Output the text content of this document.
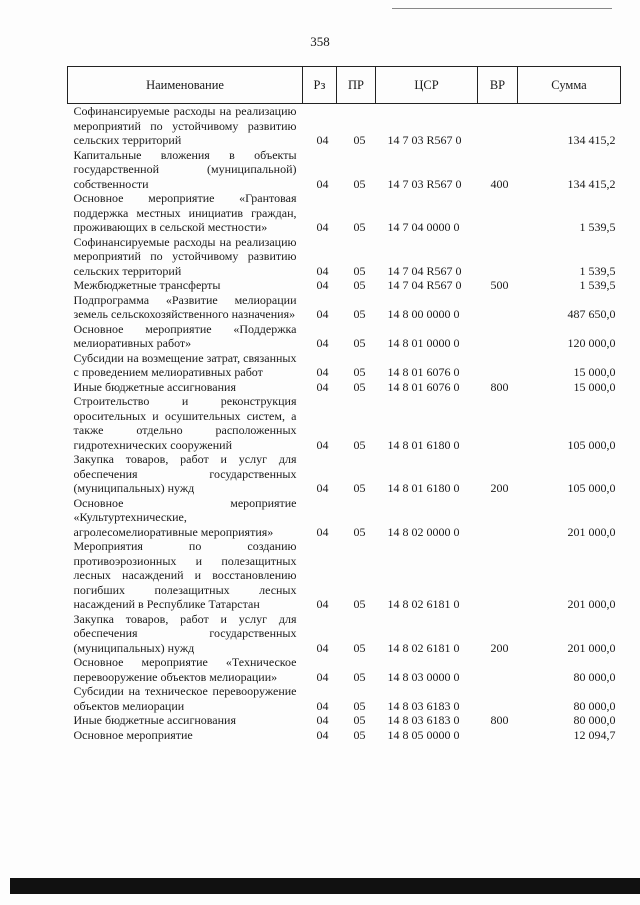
358
Наименование	Рз	ПР	ЦСР	ВР	Сумма
Софинансируемые расходы на реализацию мероприятий по устойчивому развитию сельских территорий	04	05	14 7 03 R567 0		134 415,2
Капитальные вложения в объекты государственной (муниципальной) собственности	04	05	14 7 03 R567 0	400	134 415,2
Основное мероприятие «Грантовая поддержка местных инициатив граждан, проживающих в сельской местности»	04	05	14 7 04 0000 0		1 539,5
Софинансируемые расходы на реализацию мероприятий по устойчивому развитию сельских территорий	04	05	14 7 04 R567 0		1 539,5
Межбюджетные трансферты	04	05	14 7 04 R567 0	500	1 539,5
Подпрограмма «Развитие мелиорации земель сельскохозяйственного назначения»	04	05	14 8 00 0000 0		487 650,0
Основное мероприятие «Поддержка мелиоративных работ»	04	05	14 8 01 0000 0		120 000,0
Субсидии на возмещение затрат, связанных с проведением мелиоративных работ	04	05	14 8 01 6076 0		15 000,0
Иные бюджетные ассигнования	04	05	14 8 01 6076 0	800	15 000,0
Строительство и реконструкция оросительных и осушительных систем, а также отдельно расположенных гидротехнических сооружений	04	05	14 8 01 6180 0		105 000,0
Закупка товаров, работ и услуг для обеспечения государственных (муниципальных) нужд	04	05	14 8 01 6180 0	200	105 000,0
Основное мероприятие «Культуртехнические, агролесомелиоративные мероприятия»	04	05	14 8 02 0000 0		201 000,0
Мероприятия по созданию противоэрозионных и полезащитных лесных насаждений и восстановлению погибших полезащитных лесных насаждений в Республике Татарстан	04	05	14 8 02 6181 0		201 000,0
Закупка товаров, работ и услуг для обеспечения государственных (муниципальных) нужд	04	05	14 8 02 6181 0	200	201 000,0
Основное мероприятие «Техническое перевооружение объектов мелиорации»	04	05	14 8 03 0000 0		80 000,0
Субсидии на техническое перевооружение объектов мелиорации	04	05	14 8 03 6183 0		80 000,0
Иные бюджетные ассигнования	04	05	14 8 03 6183 0	800	80 000,0
Основное мероприятие	04	05	14 8 05 0000 0		12 094,7
